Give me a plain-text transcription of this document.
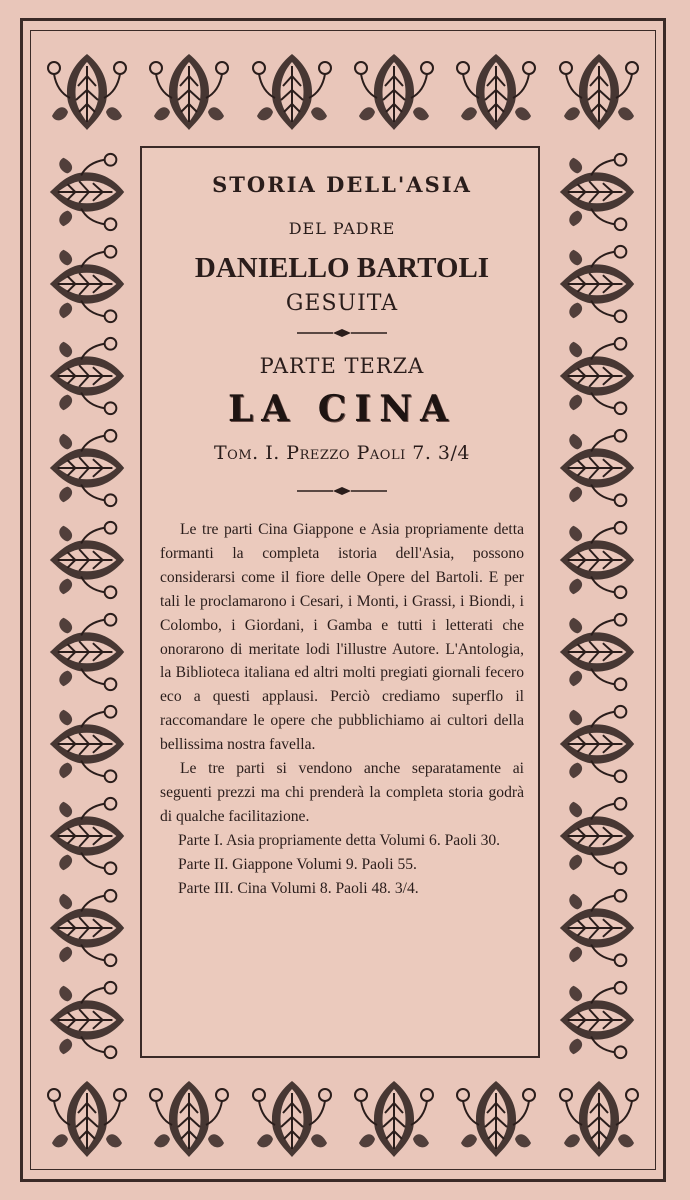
STORIA DELL'ASIA
DEL PADRE
DANIELLO BARTOLI
GESUITA
PARTE TERZA
LA CINA
Tom. I. Prezzo Paoli 7. 3/4

Le tre parti Cina Giappone e Asia propriamente detta formanti la completa istoria dell'Asia, possono considerarsi come il fiore delle Opere del Bartoli. E per tali le proclamarono i Cesari, i Monti, i Grassi, i Biondi, i Colombo, i Giordani, i Gamba e tutti i letterati che onorarono di meritate lodi l'illustre Autore. L'Antologia, la Biblioteca italiana ed altri molti pregiati giornali fecero eco a questi applausi. Perciò crediamo superflo il raccomandare le opere che pubblichiamo ai cultori della bellissima nostra favella.

Le tre parti si vendono anche separatamente ai seguenti prezzi ma chi prenderà la completa storia godrà di qualche facilitazione.

Parte I. Asia propriamente detta Volumi 6. Paoli 30.
Parte II. Giappone Volumi 9. Paoli 55.
Parte III. Cina Volumi 8. Paoli 48. 3/4.
